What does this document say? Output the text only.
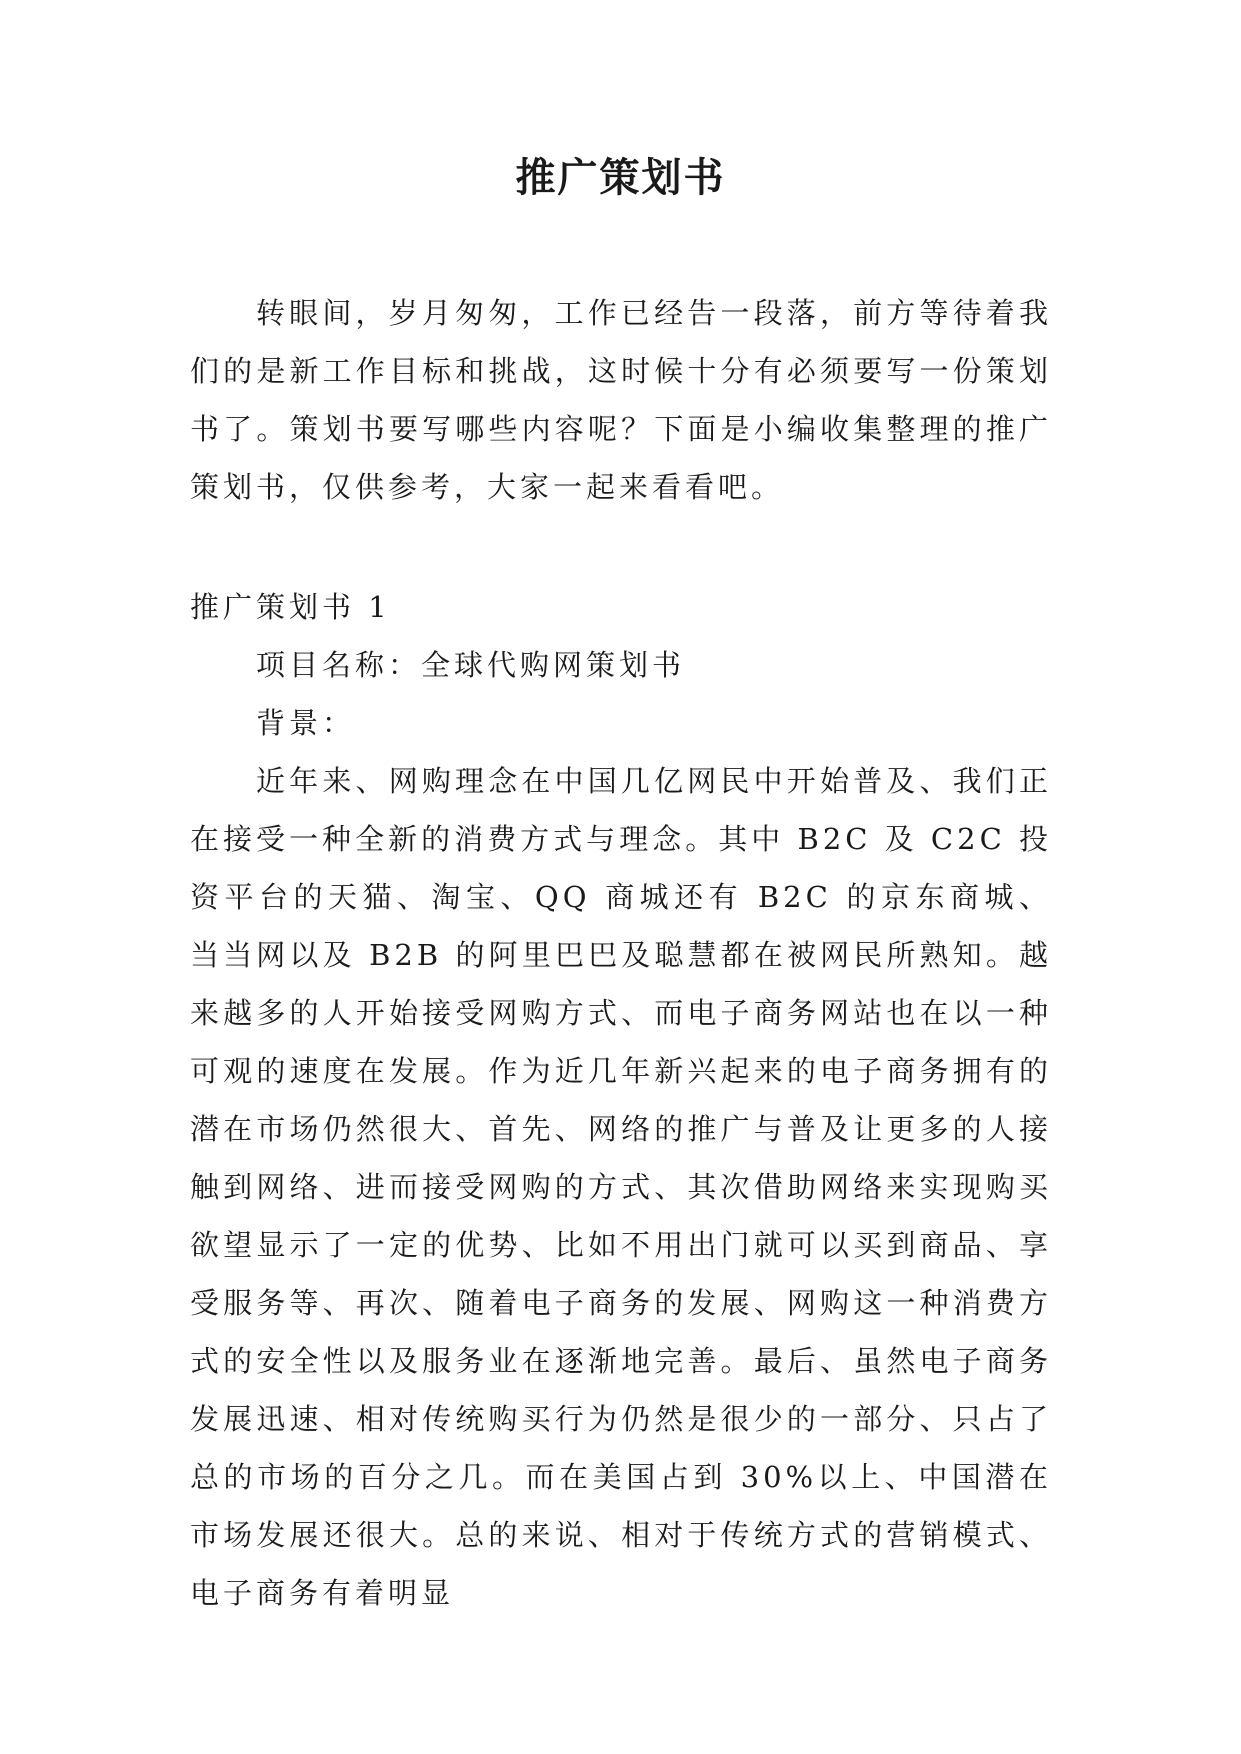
推广策划书

转眼间，岁月匆匆，工作已经告一段落，前方等待着我们的是新工作目标和挑战，这时候十分有必须要写一份策划书了。策划书要写哪些内容呢？下面是小编收集整理的推广策划书，仅供参考，大家一起来看看吧。

推广策划书 1

项目名称：全球代购网策划书

背景：

近年来、网购理念在中国几亿网民中开始普及、我们正在接受一种全新的消费方式与理念。其中 B2C 及 C2C 投资平台的天猫、淘宝、QQ 商城还有 B2C 的京东商城、当当网以及 B2B 的阿里巴巴及聪慧都在被网民所熟知。越来越多的人开始接受网购方式、而电子商务网站也在以一种可观的速度在发展。作为近几年新兴起来的电子商务拥有的潜在市场仍然很大、首先、网络的推广与普及让更多的人接触到网络、进而接受网购的方式、其次借助网络来实现购买欲望显示了一定的优势、比如不用出门就可以买到商品、享受服务等、再次、随着电子商务的发展、网购这一种消费方式的安全性以及服务业在逐渐地完善。最后、虽然电子商务发展迅速、相对传统购买行为仍然是很少的一部分、只占了总的市场的百分之几。而在美国占到 30%以上、中国潜在市场发展还很大。总的来说、相对于传统方式的营销模式、电子商务有着明显
